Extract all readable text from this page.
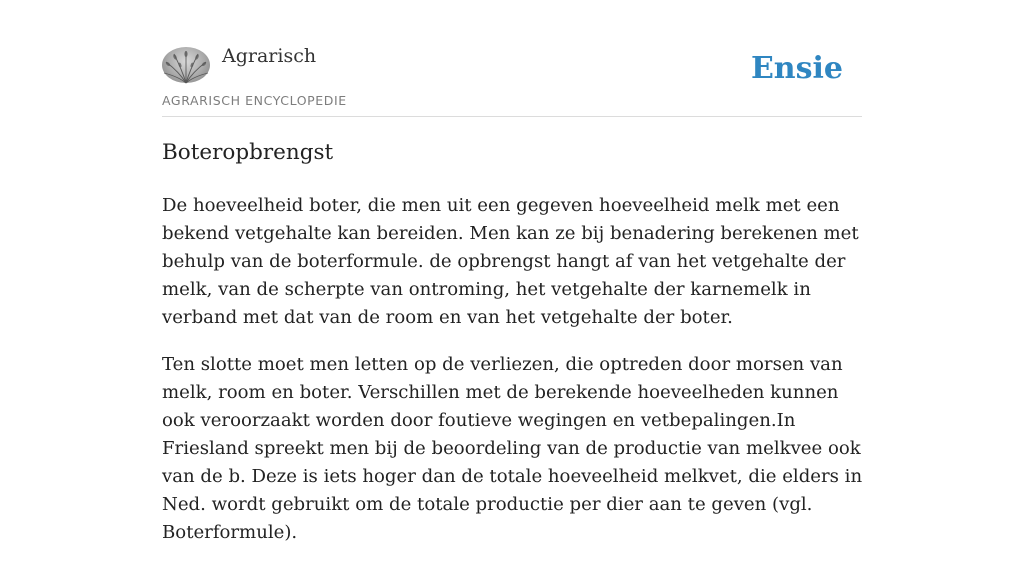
Agrarisch
AGRARISCH ENCYCLOPEDIE
Ensie
Boteropbrengst

De hoeveelheid boter, die men uit een gegeven hoeveelheid melk met een bekend vetgehalte kan bereiden. Men kan ze bij benadering berekenen met behulp van de boterformule. de opbrengst hangt af van het vetgehalte der melk, van de scherpte van ontroming, het vetgehalte der karnemelk in verband met dat van de room en van het vetgehalte der boter.

Ten slotte moet men letten op de verliezen, die optreden door morsen van melk, room en boter. Verschillen met de berekende hoeveelheden kunnen ook veroorzaakt worden door foutieve wegingen en vetbepalingen.In Friesland spreekt men bij de beoordeling van de productie van melkvee ook van de b. Deze is iets hoger dan de totale hoeveelheid melkvet, die elders in Ned. wordt gebruikt om de totale productie per dier aan te geven (vgl. Boterformule).
